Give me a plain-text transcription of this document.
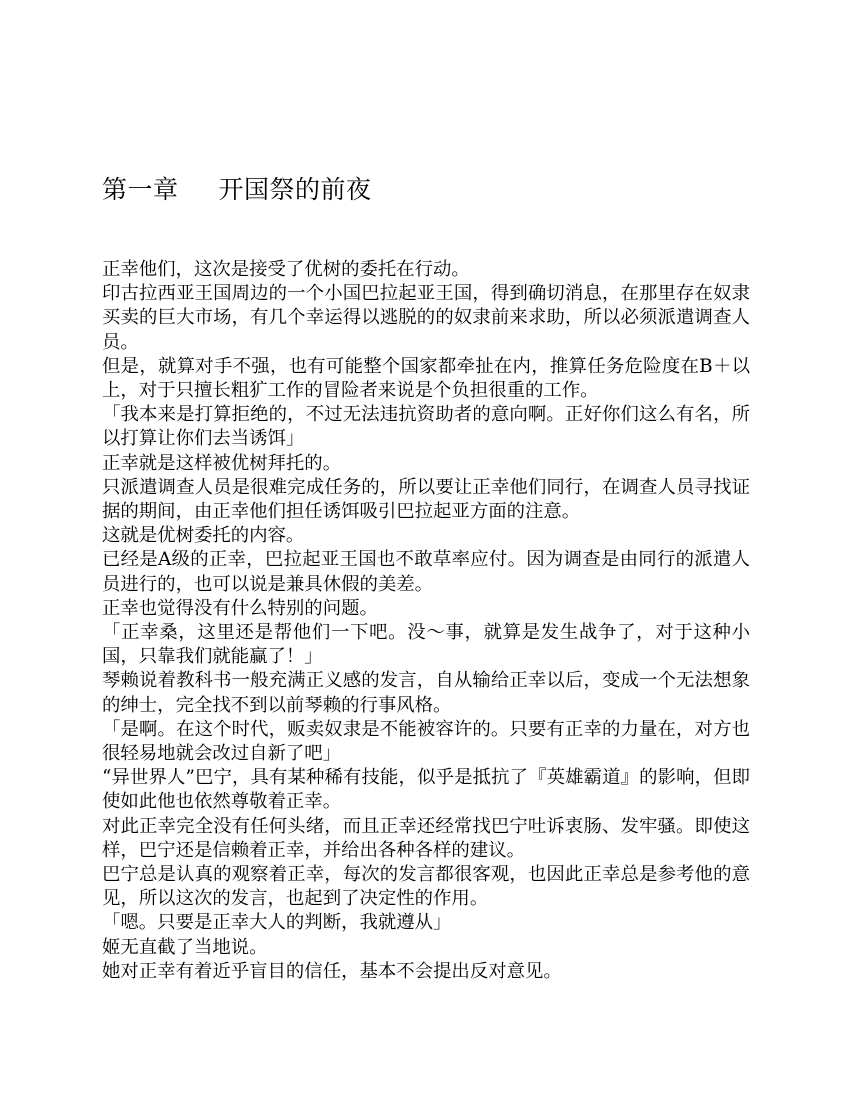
第一章 开国祭的前夜

正幸他们，这次是接受了优树的委托在行动。

印古拉西亚王国周边的一个小国巴拉起亚王国，得到确切消息，在那里存在奴隶买卖的巨大市场，有几个幸运得以逃脱的的奴隶前来求助，所以必须派遣调查人员。

但是，就算对手不强，也有可能整个国家都牵扯在内，推算任务危险度在B＋以上，对于只擅长粗犷工作的冒险者来说是个负担很重的工作。

「我本来是打算拒绝的，不过无法违抗资助者的意向啊。正好你们这么有名，所以打算让你们去当诱饵」

正幸就是这样被优树拜托的。

只派遣调查人员是很难完成任务的，所以要让正幸他们同行，在调查人员寻找证据的期间，由正幸他们担任诱饵吸引巴拉起亚方面的注意。

这就是优树委托的内容。

已经是A级的正幸，巴拉起亚王国也不敢草率应付。因为调查是由同行的派遣人员进行的，也可以说是兼具休假的美差。

正幸也觉得没有什么特别的问题。

「正幸桑，这里还是帮他们一下吧。没～事，就算是发生战争了，对于这种小国，只靠我们就能赢了！」

琴赖说着教科书一般充满正义感的发言，自从输给正幸以后，变成一个无法想象的绅士，完全找不到以前琴赖的行事风格。

「是啊。在这个时代，贩卖奴隶是不能被容许的。只要有正幸的力量在，对方也很轻易地就会改过自新了吧」

“异世界人”巴宁，具有某种稀有技能，似乎是抵抗了『英雄霸道』的影响，但即使如此他也依然尊敬着正幸。

对此正幸完全没有任何头绪，而且正幸还经常找巴宁吐诉衷肠、发牢骚。即使这样，巴宁还是信赖着正幸，并给出各种各样的建议。

巴宁总是认真的观察着正幸，每次的发言都很客观，也因此正幸总是参考他的意见，所以这次的发言，也起到了决定性的作用。

「嗯。只要是正幸大人的判断，我就遵从」

姬无直截了当地说。

她对正幸有着近乎盲目的信任，基本不会提出反对意见。
